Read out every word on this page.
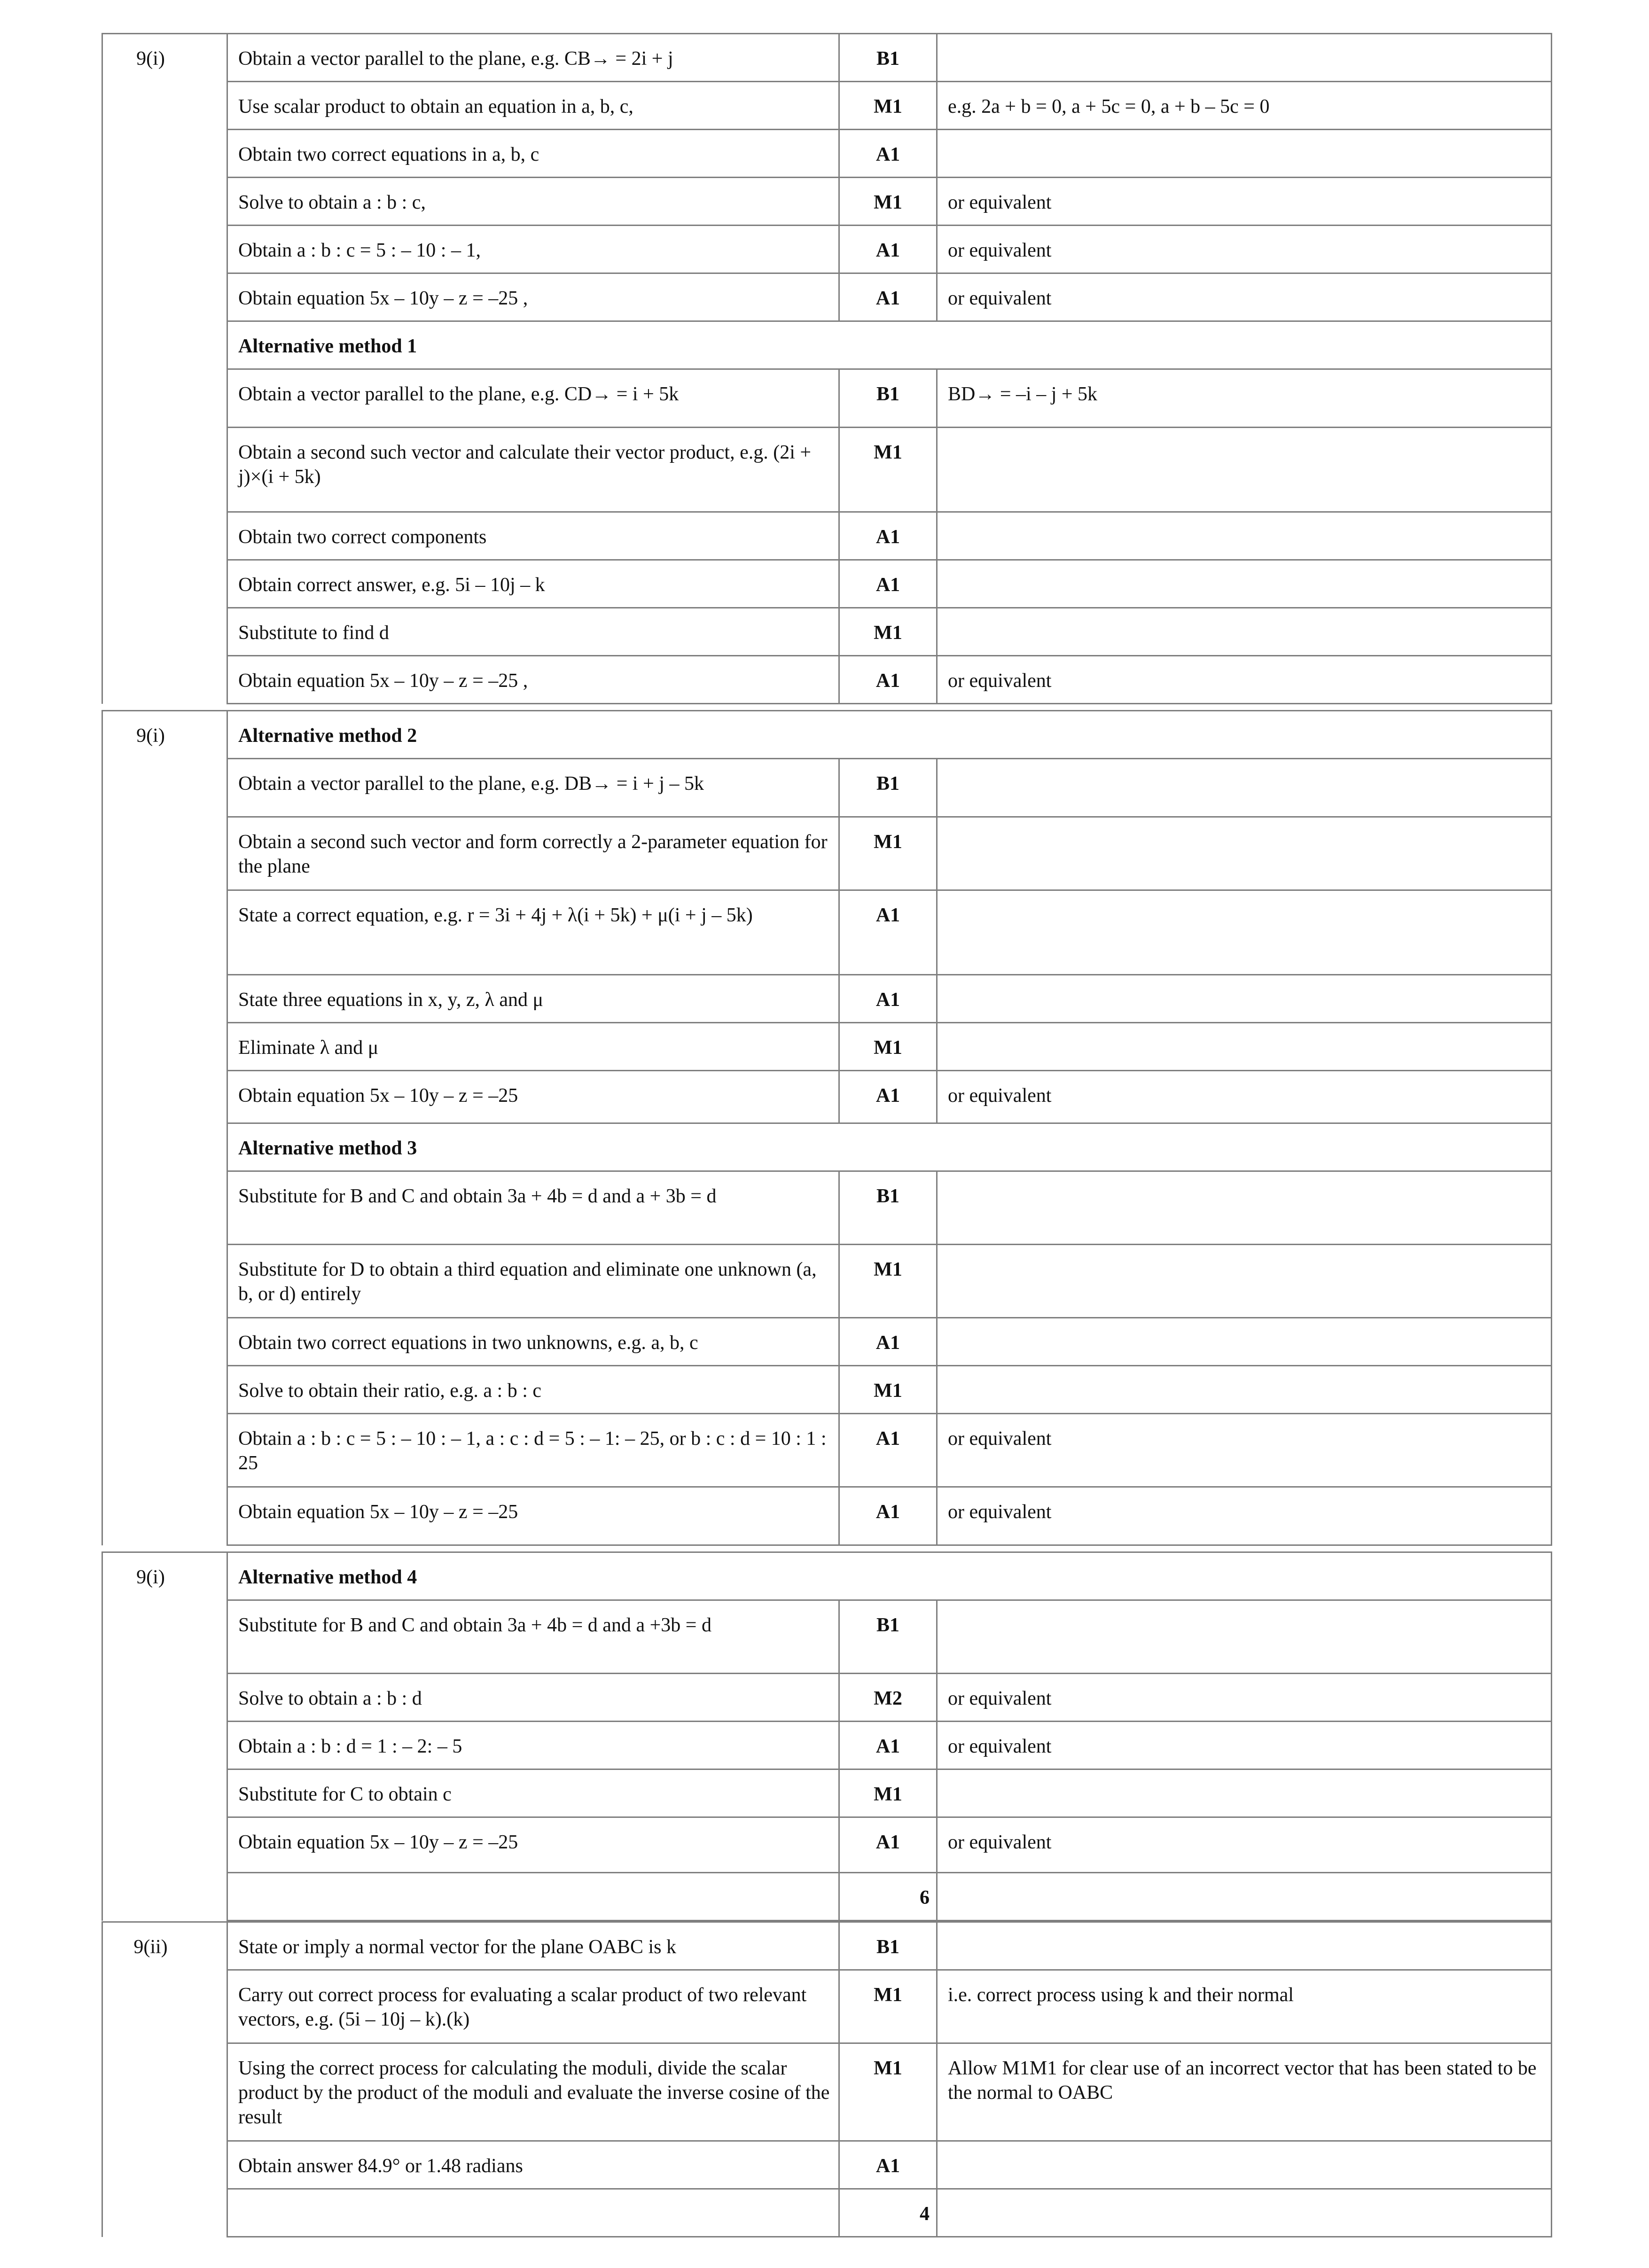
9(i)	Obtain a vector parallel to the plane, e.g. CB→ = 2i + j	B1	
	Use scalar product to obtain an equation in a, b, c,	M1	e.g. 2a + b = 0, a + 5c = 0, a + b – 5c = 0
	Obtain two correct equations in a, b, c	A1	
	Solve to obtain a : b : c,	M1	or equivalent
	Obtain a : b : c = 5 : – 10 : – 1,	A1	or equivalent
	Obtain equation 5x – 10y – z = –25 ,	A1	or equivalent
	Alternative method 1		
	Obtain a vector parallel to the plane, e.g. CD→ = i + 5k	B1	BD→ = –i – j + 5k
	Obtain a second such vector and calculate their vector product, e.g. (2i + j)×(i + 5k)	M1	
	Obtain two correct components	A1	
	Obtain correct answer, e.g. 5i – 10j – k	A1	
	Substitute to find d	M1	
	Obtain equation 5x – 10y – z = –25 ,	A1	or equivalent
9(i)	Alternative method 2		
	Obtain a vector parallel to the plane, e.g. DB→ = i + j – 5k	B1	
	Obtain a second such vector and form correctly a 2-parameter equation for the plane	M1	
	State a correct equation, e.g. r = 3i + 4j + λ(i + 5k) + μ(i + j – 5k)	A1	
	State three equations in x, y, z, λ and μ	A1	
	Eliminate λ and μ	M1	
	Obtain equation 5x – 10y – z = –25	A1	or equivalent
	Alternative method 3		
	Substitute for B and C and obtain 3a + 4b = d and a + 3b = d	B1	
	Substitute for D to obtain a third equation and eliminate one unknown (a, b, or d) entirely	M1	
	Obtain two correct equations in two unknowns, e.g. a, b, c	A1	
	Solve to obtain their ratio, e.g. a : b : c	M1	
	Obtain a : b : c = 5 : – 10 : – 1, a : c : d = 5 : – 1: – 25, or b : c : d = 10 : 1 : 25	A1	or equivalent
	Obtain equation 5x – 10y – z = –25	A1	or equivalent
9(i)	Alternative method 4		
	Substitute for B and C and obtain 3a + 4b = d and a +3b = d	B1	
	Solve to obtain a : b : d	M2	or equivalent
	Obtain a : b : d = 1 : – 2: – 5	A1	or equivalent
	Substitute for C to obtain c	M1	
	Obtain equation 5x – 10y – z = –25	A1	or equivalent
		6	
9(ii)	State or imply a normal vector for the plane OABC is k	B1	
	Carry out correct process for evaluating a scalar product of two relevant vectors, e.g. (5i – 10j – k).(k)	M1	i.e. correct process using k and their normal
	Using the correct process for calculating the moduli, divide the scalar product by the product of the moduli and evaluate the inverse cosine of the result	M1	Allow M1M1 for clear use of an incorrect vector that has been stated to be the normal to OABC
	Obtain answer 84.9° or 1.48 radians	A1	
		4	
